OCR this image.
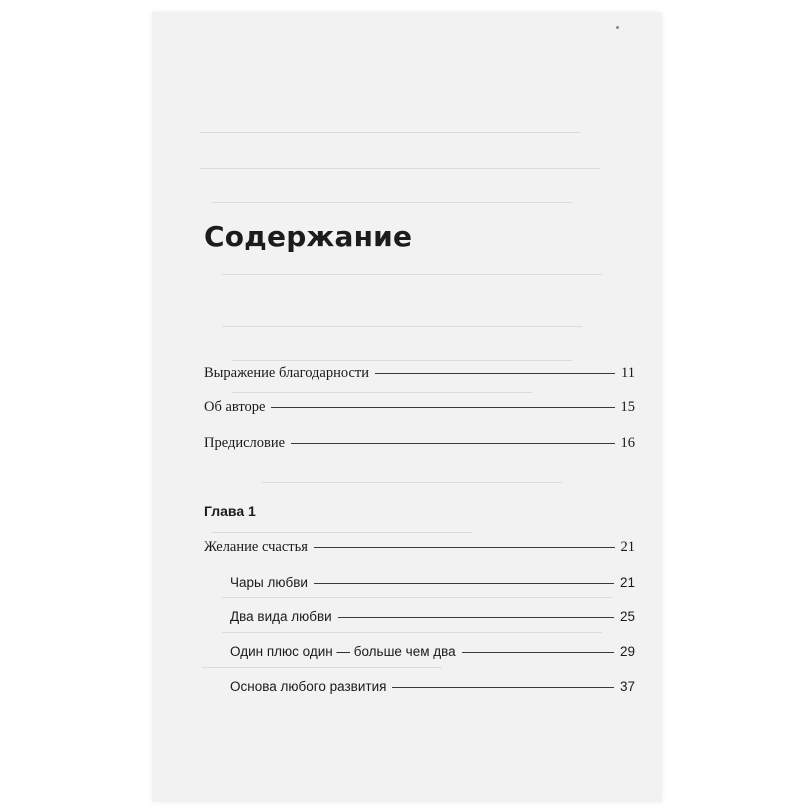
Содержание
Выражение благодарности	11
Об авторе	15
Предисловие	16
Глава 1
Желание счастья	21
Чары любви	21
Два вида любви	25
Один плюс один — больше чем два	29
Основа любого развития	37
